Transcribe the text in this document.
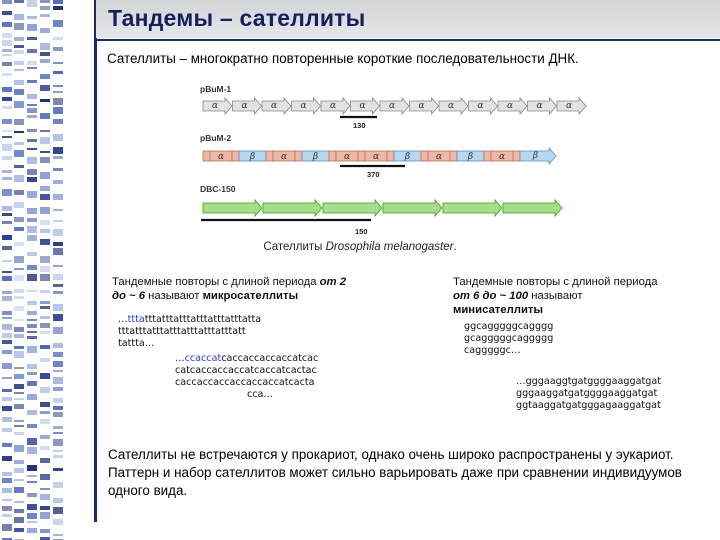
Тандемы – сателлиты
Сателлиты – многократно повторенные короткие последовательности ДНК.
pBuM-1
pBuM-2
DBC-150
α	α	α	α	α	α	α	α	α	α	α	α	α
α	β	α	β	α	α	β	α	β	α	β
130
370
150
Сателлиты Drosophila melanogaster.
Тандемные повторы с длиной периода от 2
до ~ 6 называют микросателлиты
…tttatttatttatttatttatttatttatta

tttatttatttatttatttatttatttatt
tattta…
…ccaccatcaccaccaccaccatcac
catcaccaccaccatcaccatcactac
caccaccaccaccaccaccatcacta
cca…
Тандемные повторы с длиной периода
от 6 до ~ 100 называют
минисателлиты
ggcagggggcagggg
gcagggggcaggggg
cagggggc…
…gggaaggtgatggggaaggatgat
gggaaggatgatggggaaggatgat
ggtaaggatgatgggagaaggatgat
Сателлиты не встречаются у прокариот, однако очень широко распространены у эукариот. Паттерн и набор сателлитов может сильно варьировать даже при сравнении индивидуумов одного вида.
